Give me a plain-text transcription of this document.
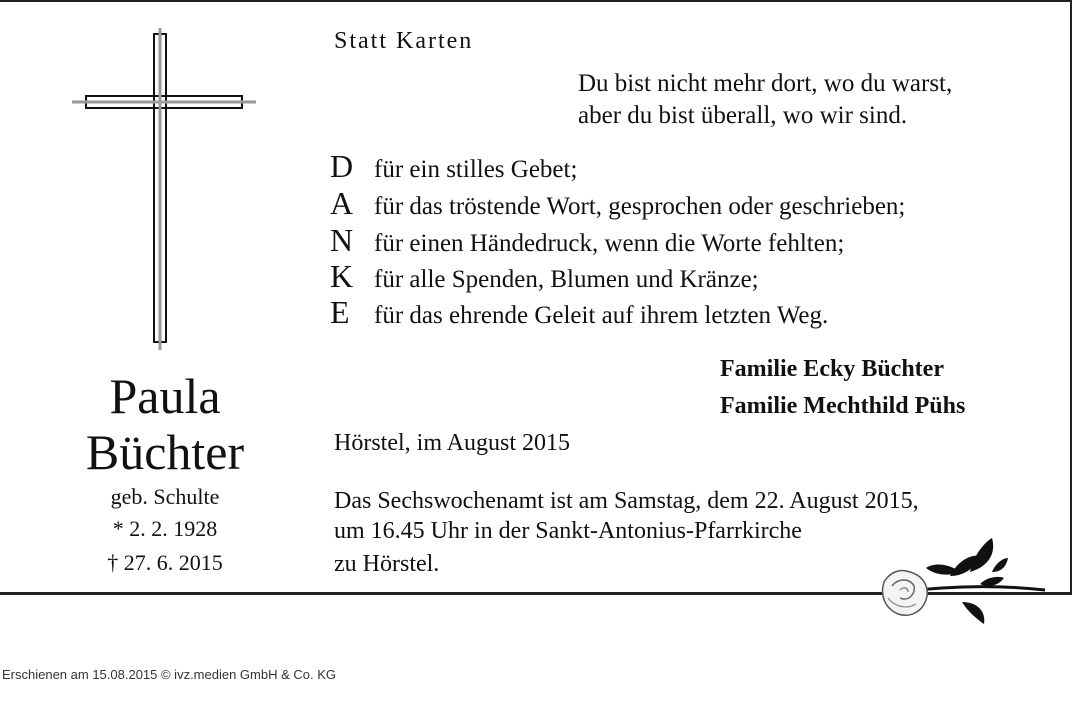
Paula
Büchter
geb. Schulte
* 2. 2. 1928
† 27. 6. 2015
Statt Karten
Du bist nicht mehr dort, wo du warst,
aber du bist überall, wo wir sind.
D für ein stilles Gebet;
A für das tröstende Wort, gesprochen oder geschrieben;
N für einen Händedruck, wenn die Worte fehlten;
K für alle Spenden, Blumen und Kränze;
E für das ehrende Geleit auf ihrem letzten Weg.
Familie Ecky Büchter
Familie Mechthild Pühs
Hörstel, im August 2015
Das Sechswochenamt ist am Samstag, dem 22. August 2015,
um 16.45 Uhr in der Sankt-Antonius-Pfarrkirche
zu Hörstel.
Erschienen am 15.08.2015 © ivz.medien GmbH & Co. KG
